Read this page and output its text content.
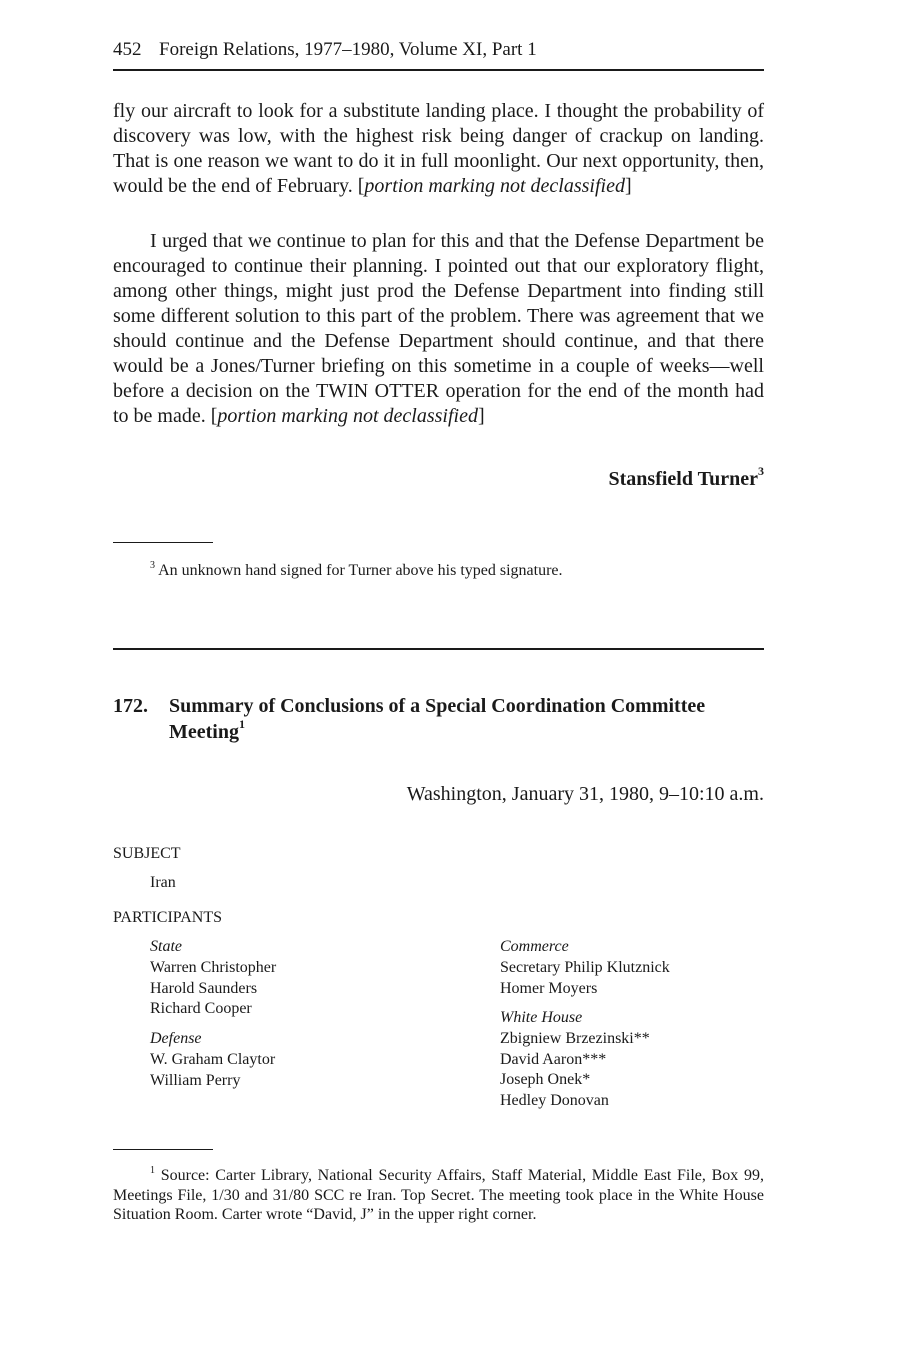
452 Foreign Relations, 1977–1980, Volume XI, Part 1

fly our aircraft to look for a substitute landing place. I thought the probability of discovery was low, with the highest risk being danger of crackup on landing. That is one reason we want to do it in full moonlight. Our next opportunity, then, would be the end of February. [portion marking not declassified]

I urged that we continue to plan for this and that the Defense Department be encouraged to continue their planning. I pointed out that our exploratory flight, among other things, might just prod the Defense Department into finding still some different solution to this part of the problem. There was agreement that we should continue and the Defense Department should continue, and that there would be a Jones/Turner briefing on this sometime in a couple of weeks—well before a decision on the TWIN OTTER operation for the end of the month had to be made. [portion marking not declassified]

Stansfield Turner$^3$

$^3$ An unknown hand signed for Turner above his typed signature.

172. Summary of Conclusions of a Special Coordination Committee Meeting$^1$
Washington, January 31, 1980, 9–10:10 a.m.
SUBJECT
Iran
PARTICIPANTS
State
Warren Christopher
Harold Saunders
Richard Cooper
Defense
W. Graham Claytor
William Perry
Commerce
Secretary Philip Klutznick
Homer Moyers
White House
Zbigniew Brzezinski**
David Aaron***
Joseph Onek*
Hedley Donovan

$^1$ Source: Carter Library, National Security Affairs, Staff Material, Middle East File, Box 99, Meetings File, 1/30 and 31/80 SCC re Iran. Top Secret. The meeting took place in the White House Situation Room. Carter wrote “David, J” in the upper right corner.
